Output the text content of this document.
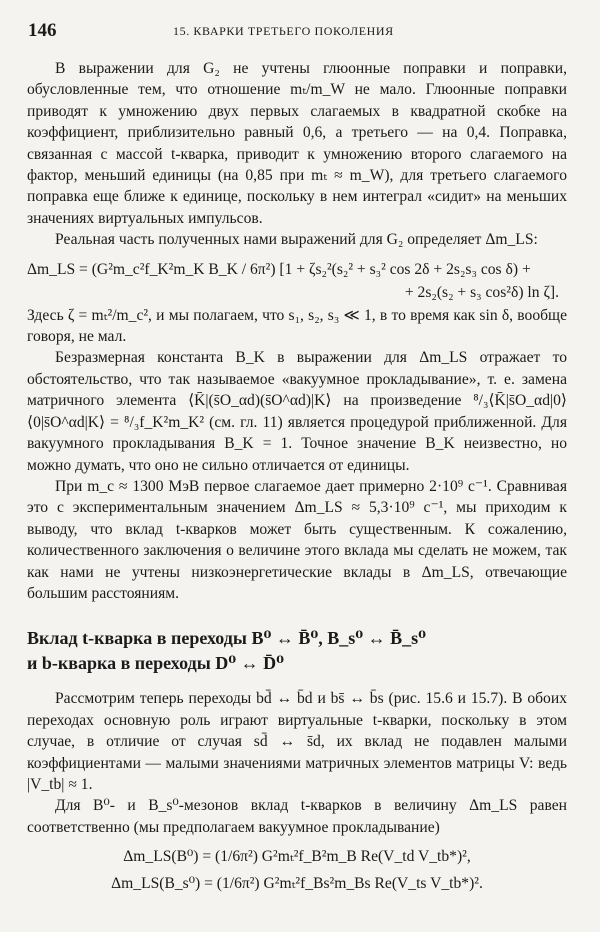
146	15. КВАРКИ ТРЕТЬЕГО ПОКОЛЕНИЯ

В выражении для G₂ не учтены глюонные поправки и поправки, обусловленные тем, что отношение mₜ/m_W не мало. Глюонные поправки приводят к умножению двух первых слагаемых в квадратной скобке на коэффициент, приблизительно равный 0,6, а третьего — на 0,4. Поправка, связанная с массой t-кварка, приводит к умножению второго слагаемого на фактор, меньший единицы (на 0,85 при mₜ ≈ m_W), для третьего слагаемого поправка еще ближе к единице, поскольку в нем интеграл «сидит» на меньших значениях виртуальных импульсов.

Реальная часть полученных нами выражений для G₂ определяет Δm_LS:

Δm_LS = (G²m_c²f_K²m_K B_K / 6π²) [1 + ζs₂²(s₂² + s₃² cos 2δ + 2s₂s₃ cos δ) +

+ 2s₂(s₂ + s₃ cos²δ) ln ζ].

Здесь ζ = mₜ²/m_c², и мы полагаем, что s₁, s₂, s₃ ≪ 1, в то время как sin δ, вообще говоря, не мал.

Безразмерная константа B_K в выражении для Δm_LS отражает то обстоятельство, что так называемое «вакуумное прокладывание», т. е. замена матричного элемента ⟨K̄|(s̄O_αd)(s̄O^αd)|K⟩ на произведение ⁸/₃⟨K̄|s̄O_αd|0⟩⟨0|s̄O^αd|K⟩ = ⁸/₃f_K²m_K² (см. гл. 11) является процедурой приближенной. Для вакуумного прокладывания B_K = 1. Точное значение B_K неизвестно, но можно думать, что оно не сильно отличается от единицы.

При m_c ≈ 1300 МэВ первое слагаемое дает примерно 2·10⁹ c⁻¹. Сравнивая это с экспериментальным значением Δm_LS ≈ 5,3·10⁹ c⁻¹, мы приходим к выводу, что вклад t-кварков может быть существенным. К сожалению, количественного заключения о величине этого вклада мы сделать не можем, так как нами не учтены низкоэнергетические вклады в Δm_LS, отвечающие большим расстояниям.

Вклад t-кварка в переходы B⁰ ↔ B̄⁰, B_s⁰ ↔ B̄_s⁰
и b-кварка в переходы D⁰ ↔ D̄⁰

Рассмотрим теперь переходы bd̄ ↔ b̄d и bs̄ ↔ b̄s (рис. 15.6 и 15.7). В обоих переходах основную роль играют виртуальные t-кварки, поскольку в этом случае, в отличие от случая sd̄ ↔ s̄d, их вклад не подавлен малыми коэффициентами — малыми значениями матричных элементов матрицы V: ведь |V_tb| ≈ 1.

Для B⁰- и B_s⁰-мезонов вклад t-кварков в величину Δm_LS равен соответственно (мы предполагаем вакуумное прокладывание)

Δm_LS(B⁰) = (1/6π²) G²mₜ²f_B²m_B Re(V_td V_tb*)²,

Δm_LS(B_s⁰) = (1/6π²) G²mₜ²f_Bs²m_Bs Re(V_ts V_tb*)².
